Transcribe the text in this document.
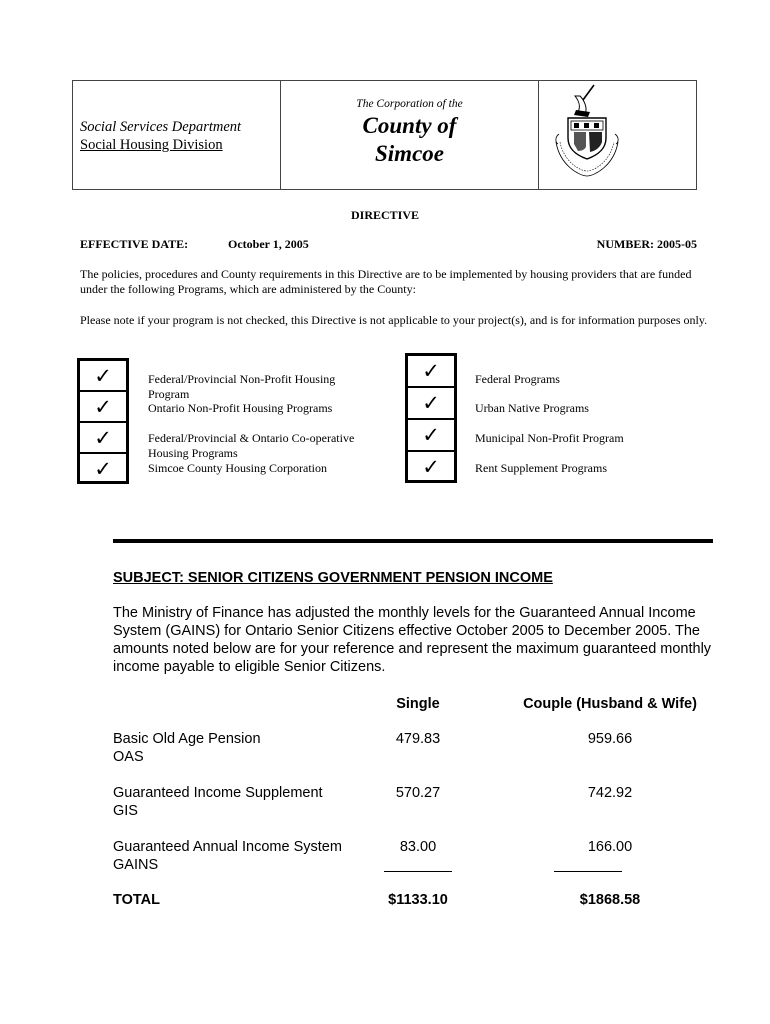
Social Services Department
Social Housing Division
The Corporation of the
County of
Simcoe
DIRECTIVE
EFFECTIVE DATE:	October 1, 2005	NUMBER: 2005-05
The policies, procedures and County requirements in this Directive are to be implemented by housing providers that are funded under the following Programs, which are administered by the County:
Please note if your program is not checked, this Directive is not applicable to your project(s), and is for information purposes only.
✓
✓
✓
✓
Federal/Provincial Non-Profit Housing Program
Ontario Non-Profit Housing Programs
Federal/Provincial & Ontario Co-operative Housing Programs
Simcoe County Housing Corporation
✓
✓
✓
✓
Federal Programs
Urban Native Programs
Municipal Non-Profit Program
Rent Supplement Programs
SUBJECT: SENIOR CITIZENS GOVERNMENT PENSION INCOME
The Ministry of Finance has adjusted the monthly levels for the Guaranteed Annual Income System (GAINS) for Ontario Senior Citizens effective October 2005 to December 2005. The amounts noted below are for your reference and represent the maximum guaranteed monthly income payable to eligible Senior Citizens.
Single	Couple (Husband & Wife)
Basic Old Age Pension
OAS
479.83	959.66
Guaranteed Income Supplement
GIS
570.27	742.92
Guaranteed Annual Income System
GAINS
83.00	166.00
TOTAL	$1133.10	$1868.58
